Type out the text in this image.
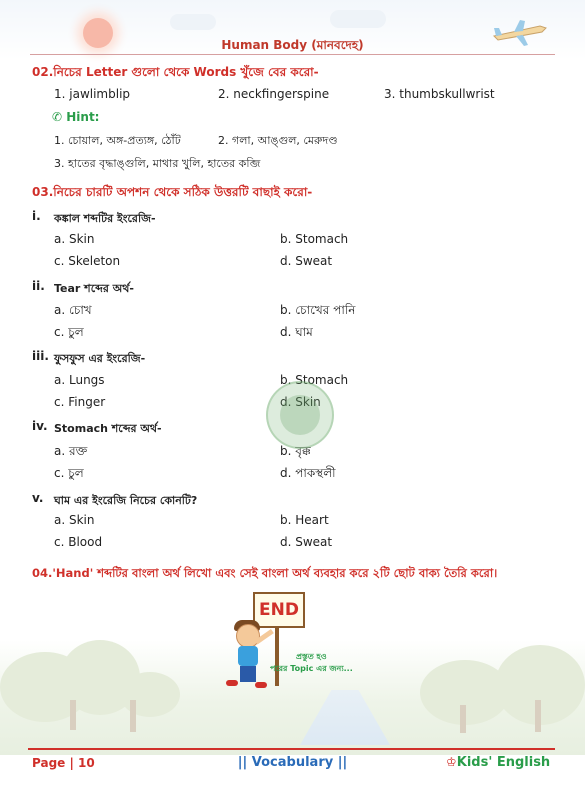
Human Body (মানবদেহ)
02.নিচের Letter গুলো থেকে Words খুঁজে বের করো-
1. jawlimblip	2. neckfingerspine	3. thumbskullwrist
✆ Hint:
1. চোয়াল, অঙ্গ-প্রত্যঙ্গ, ঠোঁট	2. গলা, আঙ্গুল, মেরুদণ্ড
3. হাতের বৃদ্ধাঙ্গুলি, মাথার খুলি, হাতের কব্জি
03.নিচের চারটি অপশন থেকে সঠিক উত্তরটি বাছাই করো-
i. কঙ্কাল শব্দটির ইংরেজি-
a. Skin	b. Stomach
c. Skeleton	d. Sweat
ii. Tear শব্দের অর্থ-
a. চোখ	b. চোখের পানি
c. চুল	d. ঘাম
iii. ফুসফুস এর ইংরেজি-
a. Lungs	b. Stomach
c. Finger	d. Skin
iv. Stomach শব্দের অর্থ-
a. রক্ত	b. বৃক্ক
c. চুল	d. পাকস্থলী
v. ঘাম এর ইংরেজি নিচের কোনটি?
a. Skin	b. Heart
c. Blood	d. Sweat
04.'Hand' শব্দটির বাংলা অর্থ লিখো এবং সেই বাংলা অর্থ ব্যবহার করে ২টি ছোট বাক্য তৈরি করো।
END
প্রস্তুত হও
পরের Topic এর জন্য...
Page | 10	|| Vocabulary ||	♔Kids' English
